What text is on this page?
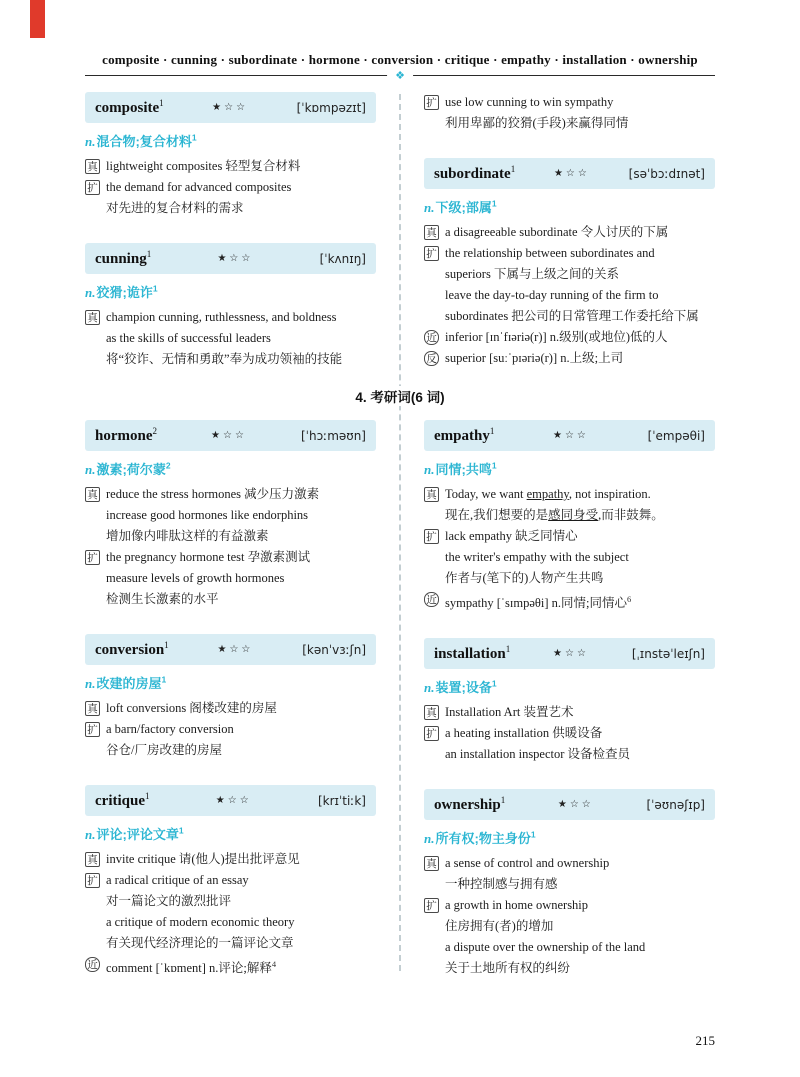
composite · cunning · subordinate · hormone · conversion · critique · empathy · installation · ownership
❖
composite$^1$	★☆☆	[ˈkɒmpəzɪt]
n.混合物;复合材料$^1$
真 lightweight composites 轻型复合材料
扩 the demand for advanced composites
对先进的复合材料的需求
cunning$^1$	★☆☆	[ˈkʌnɪŋ]
n.狡猾;诡诈$^1$
真 champion cunning, ruthlessness, and boldness
as the skills of successful leaders
将“狡诈、无情和勇敢”奉为成功领袖的技能
扩 use low cunning to win sympathy
利用卑鄙的狡猾(手段)来赢得同情
subordinate$^1$	★☆☆	[səˈbɔːdɪnət]
n.下级;部属$^1$
真 a disagreeable subordinate 令人讨厌的下属
扩 the relationship between subordinates and
superiors 下属与上级之间的关系
leave the day-to-day running of the firm to
subordinates 把公司的日常管理工作委托给下属
近 inferior [ɪnˈfɪəriə(r)] n.级别(或地位)低的人
反 superior [suːˈpɪəriə(r)] n.上级;上司
4. 考研词(6 词)
hormone$^2$	★☆☆	[ˈhɔːməʊn]
n.激素;荷尔蒙$^2$
真 reduce the stress hormones 减少压力激素
increase good hormones like endorphins
增加像内啡肽这样的有益激素
扩 the pregnancy hormone test 孕激素测试
measure levels of growth hormones
检测生长激素的水平
conversion$^1$	★☆☆	[kənˈvɜːʃn]
n.改建的房屋$^1$
真 loft conversions 阁楼改建的房屋
扩 a barn/factory conversion
谷仓/厂房改建的房屋
critique$^1$	★☆☆	[krɪˈtiːk]
n.评论;评论文章$^1$
真 invite critique 请(他人)提出批评意见
扩 a radical critique of an essay
对一篇论文的激烈批评
a critique of modern economic theory
有关现代经济理论的一篇评论文章
近 comment [ˈkɒment] n.评论;解释$^4$
empathy$^1$	★☆☆	[ˈempəθi]
n.同情;共鸣$^1$
真 Today, we want empathy, not inspiration.
现在,我们想要的是感同身受,而非鼓舞。
扩 lack empathy 缺乏同情心
the writer's empathy with the subject
作者与(笔下的)人物产生共鸣
近 sympathy [ˈsɪmpəθi] n.同情;同情心$^6$
installation$^1$	★☆☆	[ˌɪnstəˈleɪʃn]
n.装置;设备$^1$
真 Installation Art 装置艺术
扩 a heating installation 供暖设备
an installation inspector 设备检查员
ownership$^1$	★☆☆	[ˈəʊnəʃɪp]
n.所有权;物主身份$^1$
真 a sense of control and ownership
一种控制感与拥有感
扩 a growth in home ownership
住房拥有(者)的增加
a dispute over the ownership of the land
关于土地所有权的纠纷
215
